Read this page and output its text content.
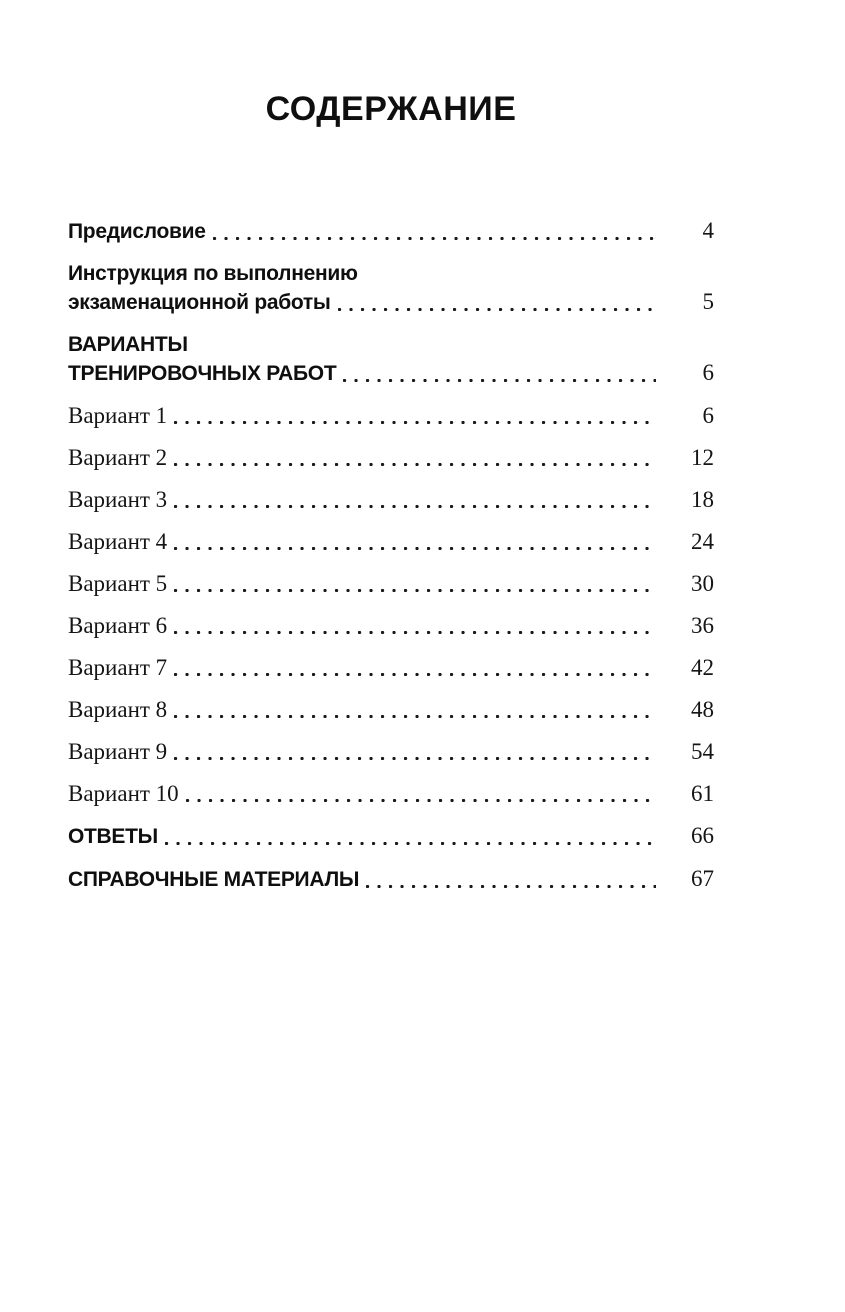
СОДЕРЖАНИЕ
Предисловие	4
Инструкция по выполнению
экзаменационной работы	5
ВАРИАНТЫ
ТРЕНИРОВОЧНЫХ РАБОТ	6
Вариант 1	6
Вариант 2	12
Вариант 3	18
Вариант 4	24
Вариант 5	30
Вариант 6	36
Вариант 7	42
Вариант 8	48
Вариант 9	54
Вариант 10	61
ОТВЕТЫ	66
СПРАВОЧНЫЕ МАТЕРИАЛЫ	67
